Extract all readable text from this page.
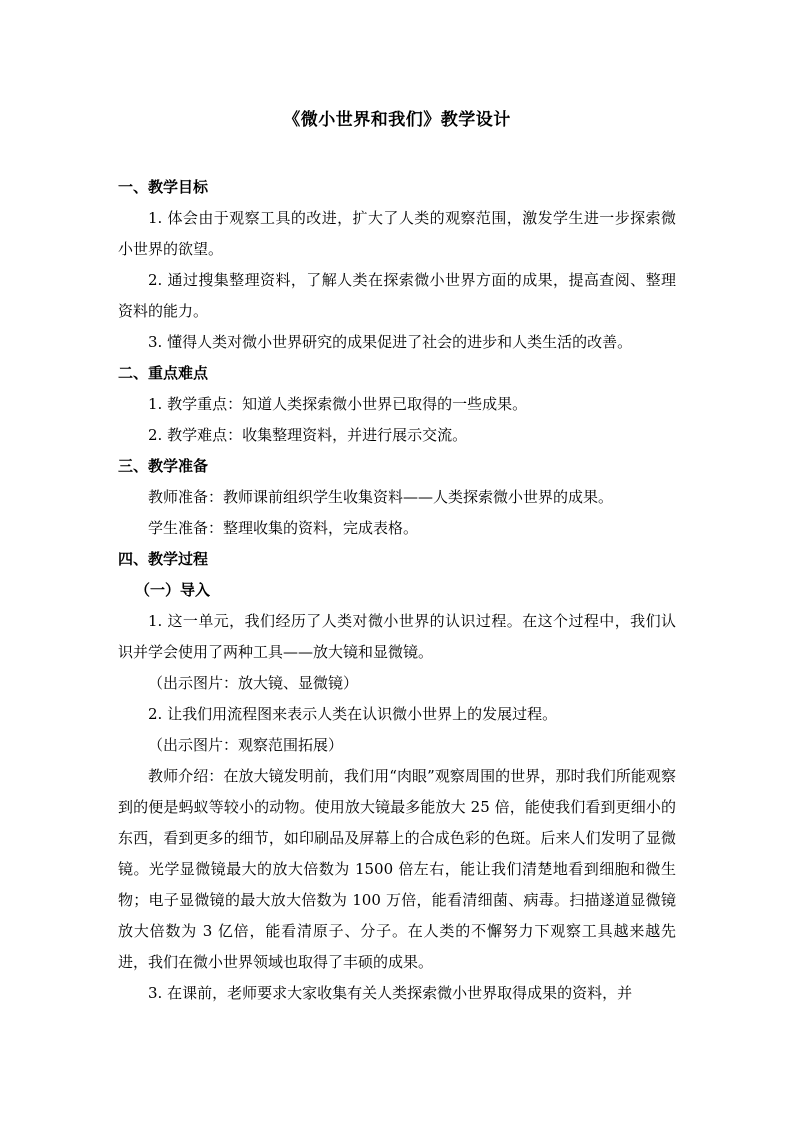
《微小世界和我们》教学设计

一、教学目标

1. 体会由于观察工具的改进，扩大了人类的观察范围，激发学生进一步探索微小世界的欲望。

2. 通过搜集整理资料，了解人类在探索微小世界方面的成果，提高查阅、整理资料的能力。

3. 懂得人类对微小世界研究的成果促进了社会的进步和人类生活的改善。

二、重点难点

1. 教学重点：知道人类探索微小世界已取得的一些成果。

2. 教学难点：收集整理资料，并进行展示交流。

三、教学准备

教师准备：教师课前组织学生收集资料——人类探索微小世界的成果。

学生准备：整理收集的资料，完成表格。

四、教学过程

（一）导入

1. 这一单元，我们经历了人类对微小世界的认识过程。在这个过程中，我们认识并学会使用了两种工具——放大镜和显微镜。

（出示图片：放大镜、显微镜）

2. 让我们用流程图来表示人类在认识微小世界上的发展过程。

（出示图片：观察范围拓展）

教师介绍：在放大镜发明前，我们用“肉眼”观察周围的世界，那时我们所能观察到的便是蚂蚁等较小的动物。使用放大镜最多能放大 25 倍，能使我们看到更细小的东西，看到更多的细节，如印刷品及屏幕上的合成色彩的色斑。后来人们发明了显微镜。光学显微镜最大的放大倍数为 1500 倍左右，能让我们清楚地看到细胞和微生物；电子显微镜的最大放大倍数为 100 万倍，能看清细菌、病毒。扫描遂道显微镜放大倍数为 3 亿倍，能看清原子、分子。在人类的不懈努力下观察工具越来越先进，我们在微小世界领域也取得了丰硕的成果。

3. 在课前，老师要求大家收集有关人类探索微小世界取得成果的资料，并
